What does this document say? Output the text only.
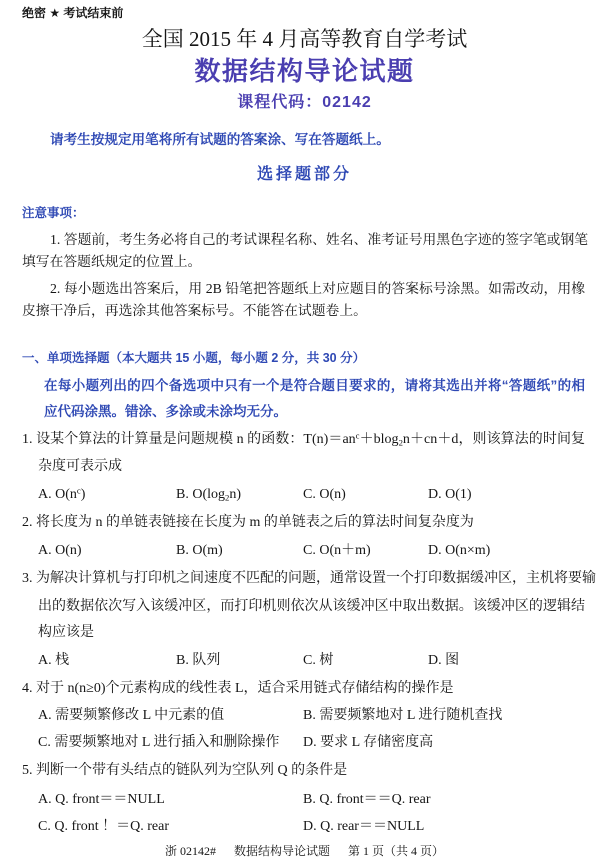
绝密 ★ 考试结束前
全国 2015 年 4 月高等教育自学考试
数据结构导论试题
课程代码：02142
请考生按规定用笔将所有试题的答案涂、写在答题纸上。
选择题部分
注意事项：
1. 答题前，考生务必将自己的考试课程名称、姓名、准考证号用黑色字迹的签字笔或钢笔
填写在答题纸规定的位置上。
2. 每小题选出答案后，用 2B 铅笔把答题纸上对应题目的答案标号涂黑。如需改动，用橡
皮擦干净后，再选涂其他答案标号。不能答在试题卷上。
一、单项选择题（本大题共 15 小题，每小题 2 分，共 30 分）
在每小题列出的四个备选项中只有一个是符合题目要求的，请将其选出并将“答题纸”的相
应代码涂黑。错涂、多涂或未涂均无分。
1. 设某个算法的计算量是问题规模 n 的函数：$T(n)=an^c+blog_2n+cn+d$，则该算法的时间复
杂度可表示成
A. $O(n^c)$	B. $O(\log_2n)$	C. O(n)	D. O(1)
2. 将长度为 n 的单链表链接在长度为 m 的单链表之后的算法时间复杂度为
A. O(n)	B. O(m)	C. O(n＋m)	D. O(n×m)
3. 为解决计算机与打印机之间速度不匹配的问题，通常设置一个打印数据缓冲区，主机将要输
出的数据依次写入该缓冲区，而打印机则依次从该缓冲区中取出数据。该缓冲区的逻辑结
构应该是
A. 栈	B. 队列	C. 树	D. 图
4. 对于 n(n≥0)个元素构成的线性表 L，适合采用链式存储结构的操作是
A. 需要频繁修改 L 中元素的值	B. 需要频繁地对 L 进行随机查找
C. 需要频繁地对 L 进行插入和删除操作 D. 要求 L 存储密度高
5. 判断一个带有头结点的链队列为空队列 Q 的条件是
A. Q. front＝＝NULL	B. Q. front＝＝Q. rear
C. Q. front ！＝Q. rear	D. Q. rear＝＝NULL
浙 02142# 数据结构导论试题 第 1 页（共 4 页）
